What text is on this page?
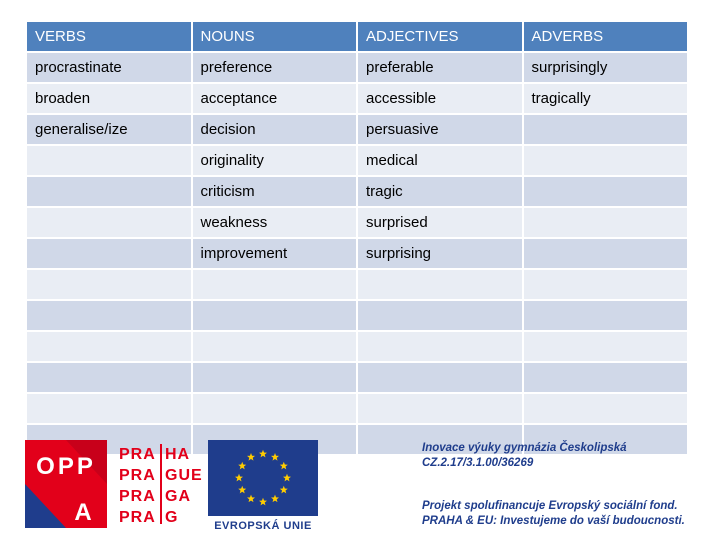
VERBS	NOUNS	ADJECTIVES	ADVERBS
procrastinate	preference	preferable	surprisingly
broaden	acceptance	accessible	tragically
generalise/ize	decision	persuasive	
	originality	medical	
	criticism	tragic	
	weakness	surprised	
	improvement	surprising	

OPP
A
PRA HA
PRA GUE
PRA GA
PRA G	EVROPSKÁ UNIE
Inovace výuky gymnázia Českolipská
CZ.2.17/3.1.00/36269
Projekt spolufinancuje Evropský sociální fond.
PRAHA & EU: Investujeme do vaší budoucnosti.
